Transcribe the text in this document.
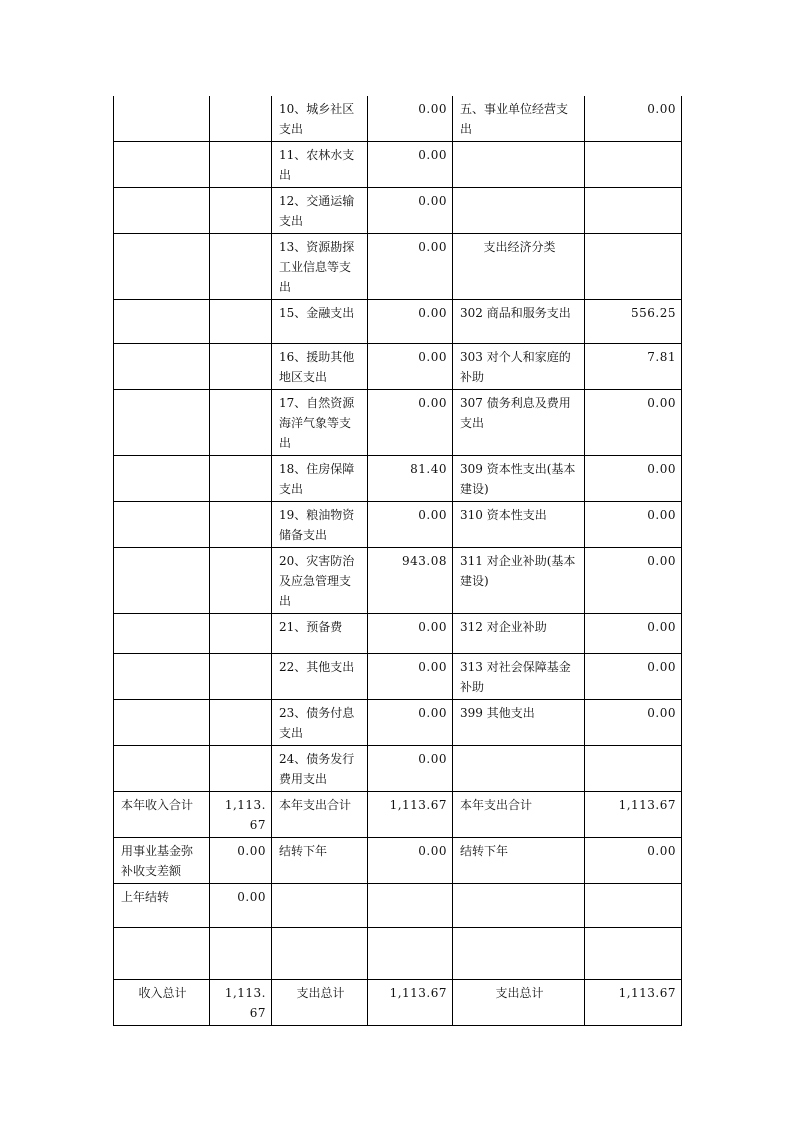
		10、城乡社区支出	0.00	五、事业单位经营支出	0.00
		11、农林水支出	0.00		
		12、交通运输支出	0.00		
		13、资源勘探工业信息等支出	0.00	支出经济分类	
		15、金融支出	0.00	302 商品和服务支出	556.25
		16、援助其他地区支出	0.00	303 对个人和家庭的补助	7.81
		17、自然资源海洋气象等支出	0.00	307 债务利息及费用支出	0.00
		18、住房保障支出	81.40	309 资本性支出(基本建设)	0.00
		19、粮油物资储备支出	0.00	310 资本性支出	0.00
		20、灾害防治及应急管理支出	943.08	311 对企业补助(基本建设)	0.00
		21、预备费	0.00	312 对企业补助	0.00
		22、其他支出	0.00	313 对社会保障基金补助	0.00
		23、债务付息支出	0.00	399 其他支出	0.00
		24、债务发行费用支出	0.00		
本年收入合计	1,113.67	本年支出合计	1,113.67	本年支出合计	1,113.67
用事业基金弥补收支差额	0.00	结转下年	0.00	结转下年	0.00
上年结转	0.00				

收入总计	1,113.67	支出总计	1,113.67	支出总计	1,113.67
